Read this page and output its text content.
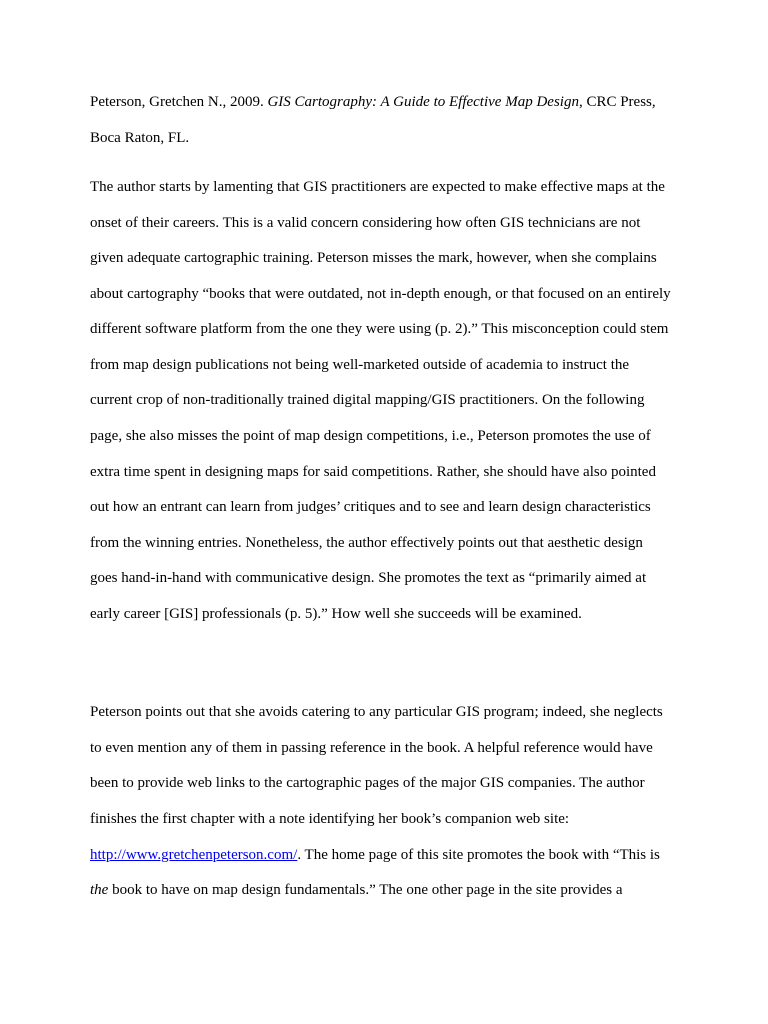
Peterson, Gretchen N., 2009. GIS Cartography: A Guide to Effective Map Design, CRC Press,

Boca Raton, FL.

The author starts by lamenting that GIS practitioners are expected to make effective maps at the

onset of their careers. This is a valid concern considering how often GIS technicians are not

given adequate cartographic training. Peterson misses the mark, however, when she complains

about cartography “books that were outdated, not in-depth enough, or that focused on an entirely

different software platform from the one they were using (p. 2).” This misconception could stem

from map design publications not being well-marketed outside of academia to instruct the

current crop of non-traditionally trained digital mapping/GIS practitioners. On the following

page, she also misses the point of map design competitions, i.e., Peterson promotes the use of

extra time spent in designing maps for said competitions. Rather, she should have also pointed

out how an entrant can learn from judges’ critiques and to see and learn design characteristics

from the winning entries. Nonetheless, the author effectively points out that aesthetic design

goes hand-in-hand with communicative design. She promotes the text as “primarily aimed at

early career [GIS] professionals (p. 5).” How well she succeeds will be examined.

Peterson points out that she avoids catering to any particular GIS program; indeed, she neglects

to even mention any of them in passing reference in the book. A helpful reference would have

been to provide web links to the cartographic pages of the major GIS companies. The author

finishes the first chapter with a note identifying her book’s companion web site:

http://www.gretchenpeterson.com/. The home page of this site promotes the book with “This is

the book to have on map design fundamentals.” The one other page in the site provides a
